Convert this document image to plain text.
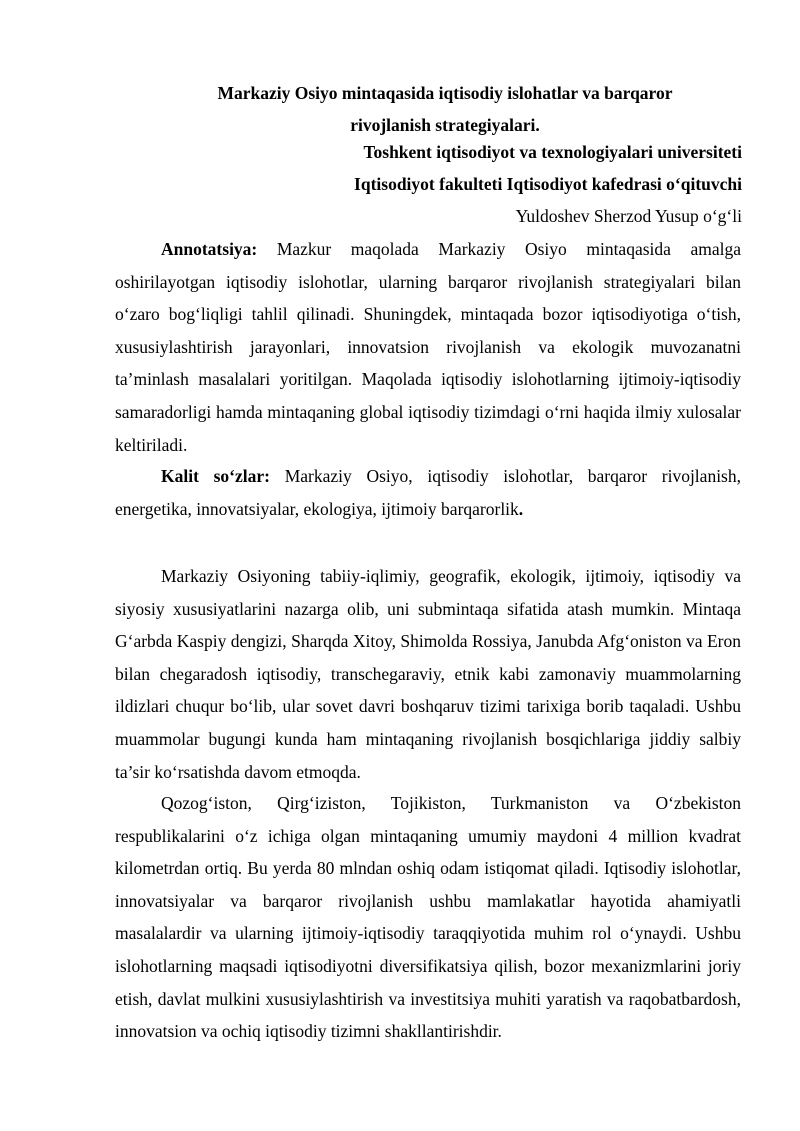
Markaziy Osiyo mintaqasida iqtisodiy islohatlar va barqaror
rivojlanish strategiyalari.

Toshkent iqtisodiyot va texnologiyalari universiteti

Iqtisodiyot fakulteti Iqtisodiyot kafedrasi o‘qituvchi

Yuldoshev Sherzod Yusup o‘g‘li

Annotatsiya: Mazkur maqolada Markaziy Osiyo mintaqasida amalga oshirilayotgan iqtisodiy islohotlar, ularning barqaror rivojlanish strategiyalari bilan o‘zaro bog‘liqligi tahlil qilinadi. Shuningdek, mintaqada bozor iqtisodiyotiga o‘tish, xususiylashtirish jarayonlari, innovatsion rivojlanish va ekologik muvozanatni ta’minlash masalalari yoritilgan. Maqolada iqtisodiy islohotlarning ijtimoiy-iqtisodiy samaradorligi hamda mintaqaning global iqtisodiy tizimdagi o‘rni haqida ilmiy xulosalar keltiriladi.

Kalit so‘zlar: Markaziy Osiyo, iqtisodiy islohotlar, barqaror rivojlanish, energetika, innovatsiyalar, ekologiya, ijtimoiy barqarorlik.

Markaziy Osiyoning tabiiy-iqlimiy, geografik, ekologik, ijtimoiy, iqtisodiy va siyosiy xususiyatlarini nazarga olib, uni submintaqa sifatida atash mumkin. Mintaqa G‘arbda Kaspiy dengizi, Sharqda Xitoy, Shimolda Rossiya, Janubda Afg‘oniston va Eron bilan chegaradosh iqtisodiy, transchegaraviy, etnik kabi zamonaviy muammolarning ildizlari chuqur bo‘lib, ular sovet davri boshqaruv tizimi tarixiga borib taqaladi. Ushbu muammolar bugungi kunda ham mintaqaning rivojlanish bosqichlariga jiddiy salbiy ta’sir ko‘rsatishda davom etmoqda.

Qozog‘iston, Qirg‘iziston, Tojikiston, Turkmaniston va O‘zbekiston respublikalarini o‘z ichiga olgan mintaqaning umumiy maydoni 4 million kvadrat kilometrdan ortiq. Bu yerda 80 mlndan oshiq odam istiqomat qiladi. Iqtisodiy islohotlar, innovatsiyalar va barqaror rivojlanish ushbu mamlakatlar hayotida ahamiyatli masalalardir va ularning ijtimoiy-iqtisodiy taraqqiyotida muhim rol o‘ynaydi. Ushbu islohotlarning maqsadi iqtisodiyotni diversifikatsiya qilish, bozor mexanizmlarini joriy etish, davlat mulkini xususiylashtirish va investitsiya muhiti yaratish va raqobatbardosh, innovatsion va ochiq iqtisodiy tizimni shakllantirishdir.
